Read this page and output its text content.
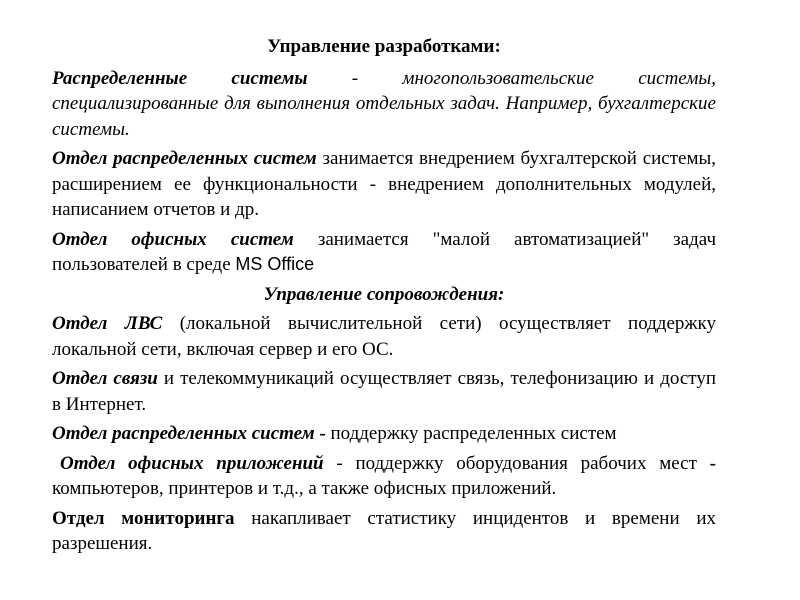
Управление разработками:

Распределенные системы - многопользовательские системы, специализированные для выполнения отдельных задач. Например, бухгалтерские системы.

Отдел распределенных систем занимается внедрением бухгалтерской системы, расширением ее функциональности - внедрением дополнительных модулей, написанием отчетов и др.

Отдел офисных систем занимается "малой автоматизацией" задач пользователей в среде MS Office

Управление сопровождения:

Отдел ЛВС (локальной вычислительной сети) осуществляет поддержку локальной сети, включая сервер и его ОС.

Отдел связи и телекоммуникаций осуществляет связь, телефонизацию и доступ в Интернет.

Отдел распределенных систем - поддержку распределенных систем

Отдел офисных приложений - поддержку оборудования рабочих мест - компьютеров, принтеров и т.д., а также офисных приложений.

Отдел мониторинга накапливает статистику инцидентов и времени их разрешения.
